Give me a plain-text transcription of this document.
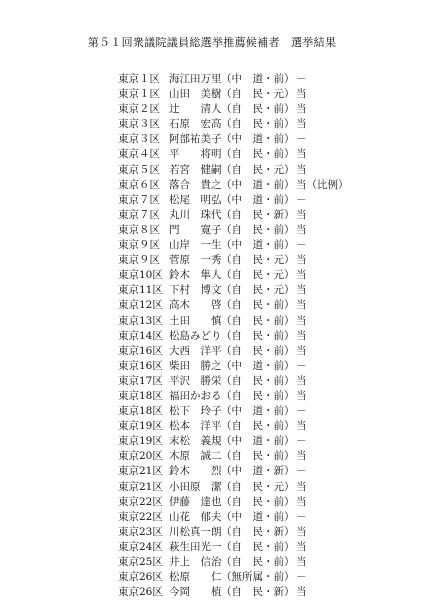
第５１回衆議院議員総選挙推薦候補者　選挙結果
東京１区 海江田万里 （中　道・前） －
東京１区 山田　美樹 （自　民・元） 当
東京２区 辻　　清人 （自　民・前） 当
東京３区 石原　宏高 （自　民・前） 当
東京３区 阿部祐美子 （中　道・前） －
東京４区 平　　将明 （自　民・前） 当
東京５区 若宮　健嗣 （自　民・元） 当
東京６区 落合　貴之 （中　道・前） 当（比例）
東京７区 松尾　明弘 （中　道・前） －
東京７区 丸川　珠代 （自　民・新） 当
東京８区 門　　寛子 （自　民・前） 当
東京９区 山岸　一生 （中　道・前） －
東京９区 菅原　一秀 （自　民・元） 当
東京10区 鈴木　隼人 （自　民・元） 当
東京11区 下村　博文 （自　民・元） 当
東京12区 高木　　啓 （自　民・前） 当
東京13区 土田　　慎 （自　民・前） 当
東京14区 松島みどり （自　民・前） 当
東京16区 大西　洋平 （自　民・前） 当
東京16区 柴田　勝之 （中　道・前） －
東京17区 平沢　勝栄 （自　民・前） 当
東京18区 福田かおる （自　民・前） 当
東京18区 松下　玲子 （中　道・前） －
東京19区 松本　洋平 （自　民・前） 当
東京19区 末松　義規 （中　道・前） －
東京20区 木原　誠二 （自　民・前） 当
東京21区 鈴木　　烈 （中　道・新） －
東京21区 小田原　潔 （自　民・元） 当
東京22区 伊藤　達也 （自　民・前） 当
東京22区 山花　郁夫 （中　道・前） －
東京23区 川松真一朗 （自　民・新） 当
東京24区 萩生田光一 （自　民・前） 当
東京25区 井上　信治 （自　民・前） 当
東京26区 松原　　仁 （無所属・前） －
東京26区 今岡　　植 （自　民・新） 当
